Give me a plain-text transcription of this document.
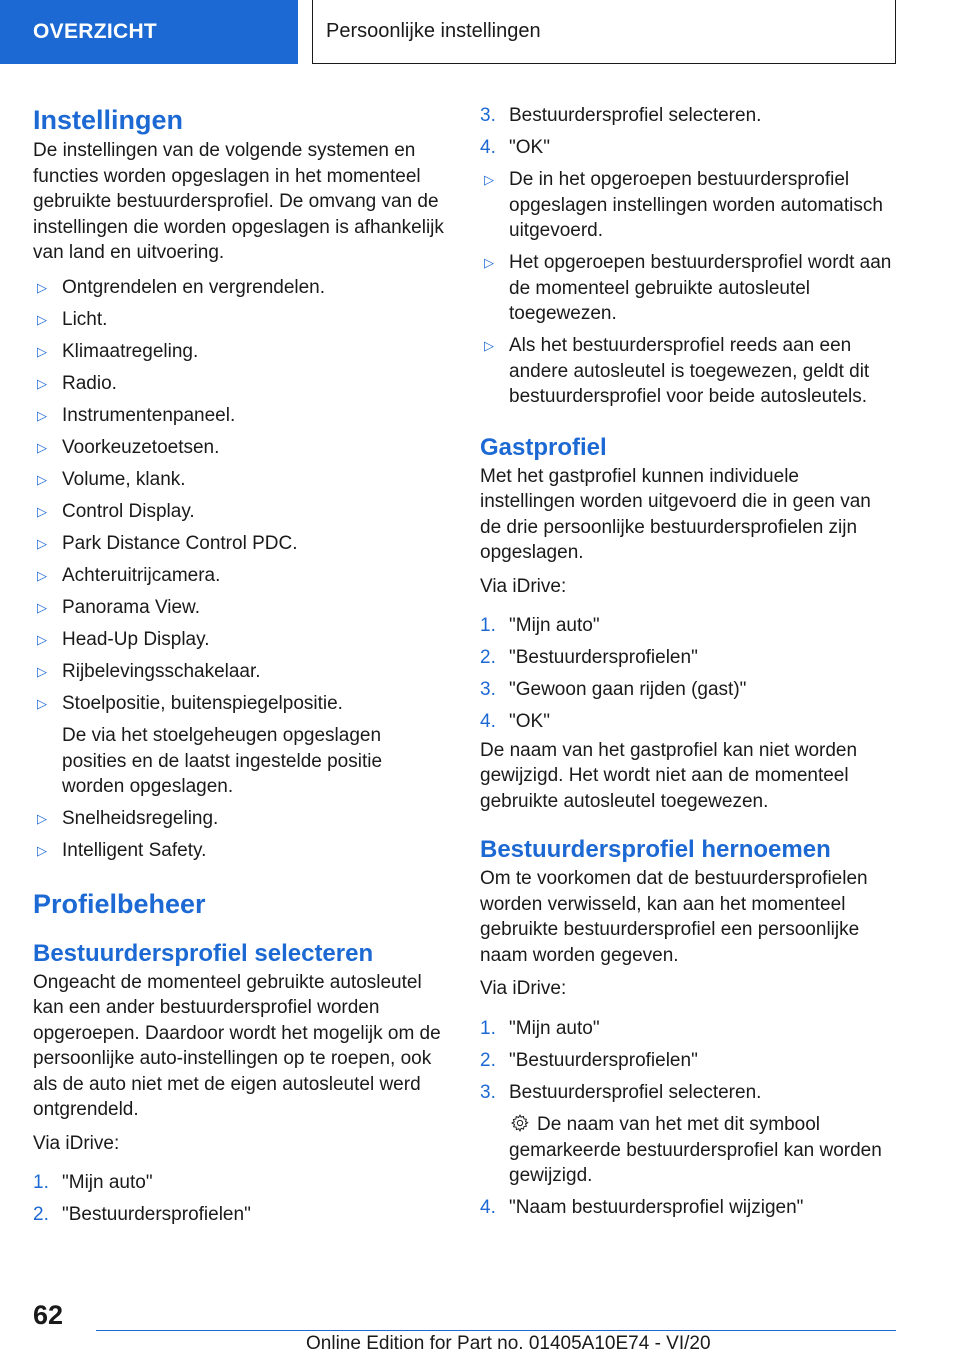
OVERZICHT	Persoonlijke instellingen
Instellingen

De instellingen van de volgende systemen en functies worden opgeslagen in het momenteel gebruikte bestuurdersprofiel. De omvang van de instellingen die worden opgeslagen is afhankelijk van land en uitvoering.

▷ Ontgrendelen en vergrendelen.
▷ Licht.
▷ Klimaatregeling.
▷ Radio.
▷ Instrumentenpaneel.
▷ Voorkeuzetoetsen.
▷ Volume, klank.
▷ Control Display.
▷ Park Distance Control PDC.
▷ Achteruitrijcamera.
▷ Panorama View.
▷ Head-Up Display.
▷ Rijbelevingsschakelaar.
▷ Stoelpositie, buitenspiegelpositie.
De via het stoelgeheugen opgeslagen posities en de laatst ingestelde positie worden opgeslagen.
▷ Snelheidsregeling.
▷ Intelligent Safety.
Profielbeheer
Bestuurdersprofiel selecteren

Ongeacht de momenteel gebruikte autosleutel kan een ander bestuurdersprofiel worden opgeroepen. Daardoor wordt het mogelijk om de persoonlijke auto-instellingen op te roepen, ook als de auto niet met de eigen autosleutel werd ontgrendeld.

Via iDrive:

1. "Mijn auto"
2. "Bestuurdersprofielen"
3. Bestuurdersprofiel selecteren.
4. "OK"
▷ De in het opgeroepen bestuurdersprofiel opgeslagen instellingen worden automatisch uitgevoerd.
▷ Het opgeroepen bestuurdersprofiel wordt aan de momenteel gebruikte autosleutel toegewezen.
▷ Als het bestuurdersprofiel reeds aan een andere autosleutel is toegewezen, geldt dit bestuurdersprofiel voor beide autosleutels.
Gastprofiel

Met het gastprofiel kunnen individuele instellingen worden uitgevoerd die in geen van de drie persoonlijke bestuurdersprofielen zijn opgeslagen.

Via iDrive:

1. "Mijn auto"
2. "Bestuurdersprofielen"
3. "Gewoon gaan rijden (gast)"
4. "OK"

De naam van het gastprofiel kan niet worden gewijzigd. Het wordt niet aan de momenteel gebruikte autosleutel toegewezen.

Bestuurdersprofiel hernoemen

Om te voorkomen dat de bestuurdersprofielen worden verwisseld, kan aan het momenteel gebruikte bestuurdersprofiel een persoonlijke naam worden gegeven.

Via iDrive:

1. "Mijn auto"
2. "Bestuurdersprofielen"
3. Bestuurdersprofiel selecteren.
De naam van het met dit symbool gemarkeerde bestuurdersprofiel kan worden gewijzigd.
4. "Naam bestuurdersprofiel wijzigen"
62
Online Edition for Part no. 01405A10E74 - VI/20
